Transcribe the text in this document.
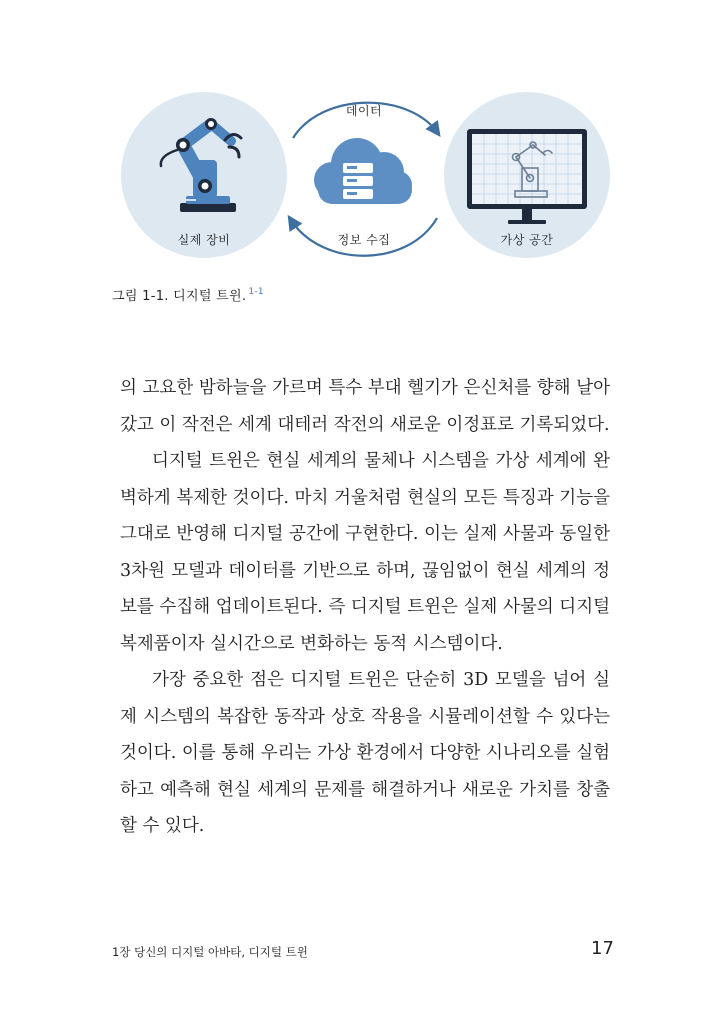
실제 장비
데이터
정보 수집	가상 공간
그림 1-1. 디지털 트윈. $^{1-1}$
의 고요한 밤하늘을 가르며 특수 부대 헬기가 은신처를 향해 날아
갔고 이 작전은 세계 대테러 작전의 새로운 이정표로 기록되었다.
디지털 트윈은 현실 세계의 물체나 시스템을 가상 세계에 완
벽하게 복제한 것이다. 마치 거울처럼 현실의 모든 특징과 기능을
그대로 반영해 디지털 공간에 구현한다. 이는 실제 사물과 동일한
3차원 모델과 데이터를 기반으로 하며, 끊임없이 현실 세계의 정
보를 수집해 업데이트된다. 즉 디지털 트윈은 실제 사물의 디지털
복제품이자 실시간으로 변화하는 동적 시스템이다.
가장 중요한 점은 디지털 트윈은 단순히 3D 모델을 넘어 실
제 시스템의 복잡한 동작과 상호 작용을 시뮬레이션할 수 있다는
것이다. 이를 통해 우리는 가상 환경에서 다양한 시나리오를 실험
하고 예측해 현실 세계의 문제를 해결하거나 새로운 가치를 창출
할 수 있다.
1장 당신의 디지털 아바타, 디지털 트윈	17
